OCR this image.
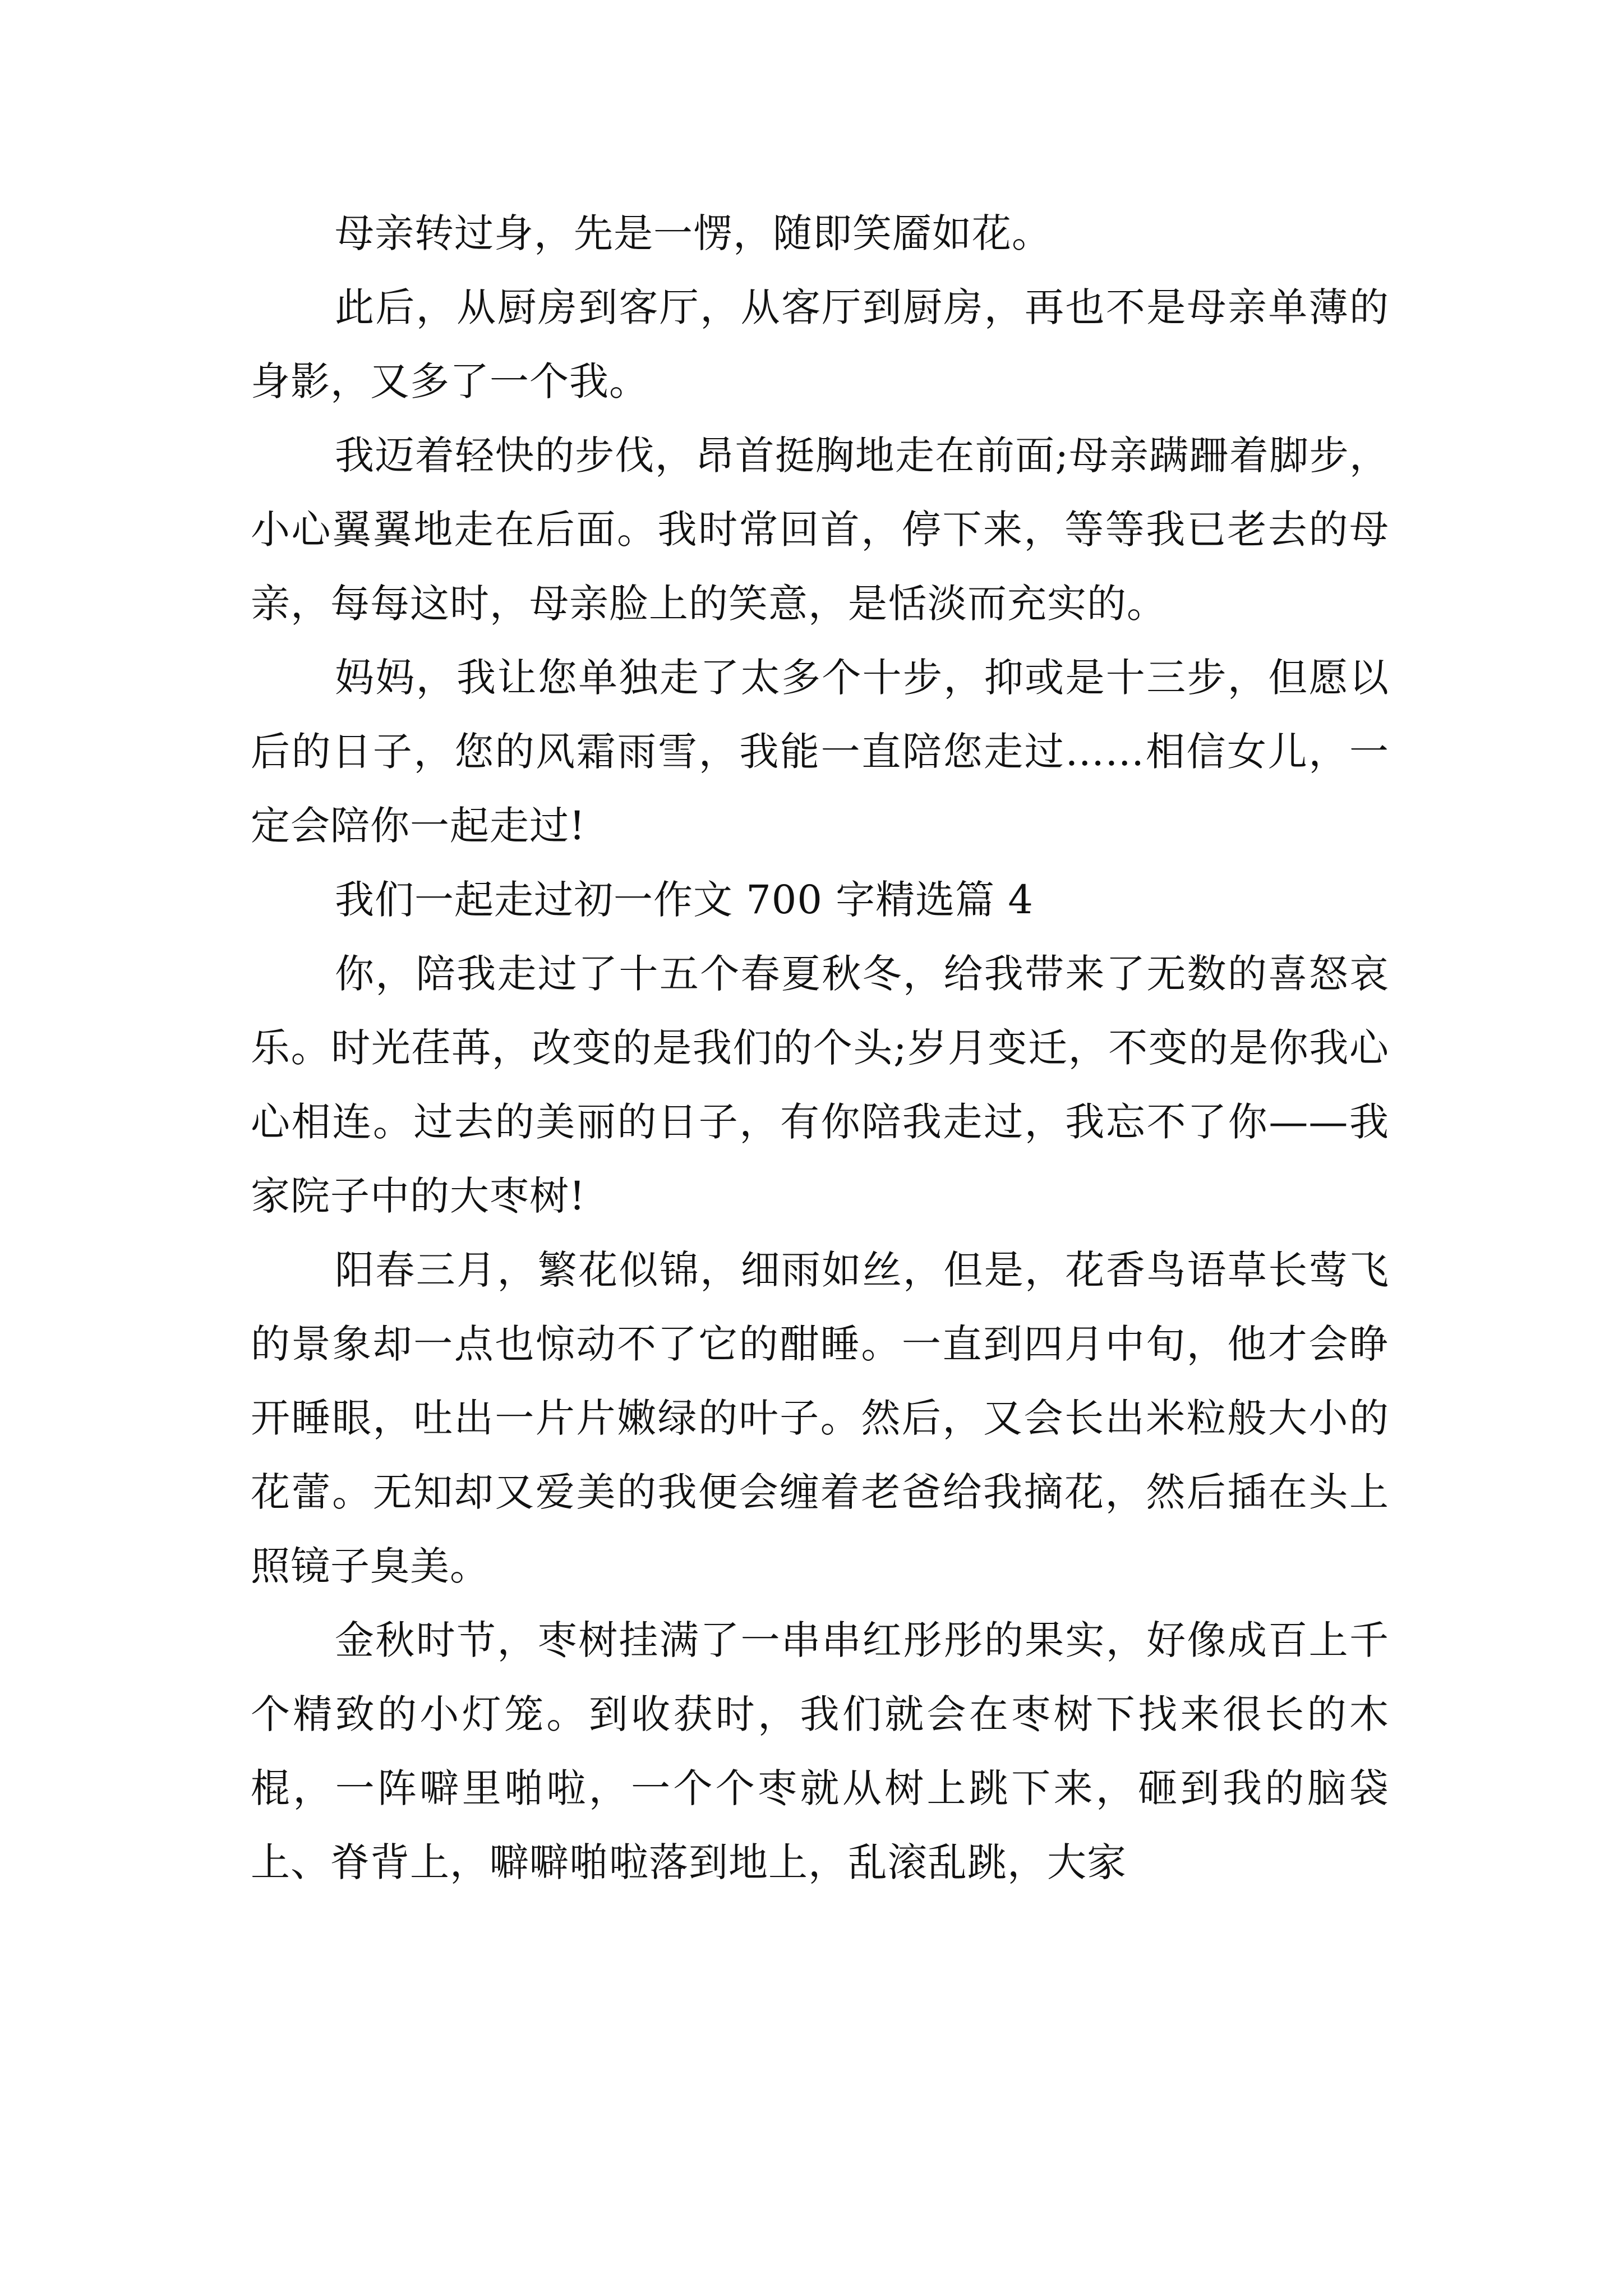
母亲转过身，先是一愣，随即笑靥如花。

此后，从厨房到客厅，从客厅到厨房，再也不是母亲单薄的身影，又多了一个我。

我迈着轻快的步伐，昂首挺胸地走在前面;母亲蹒跚着脚步，小心翼翼地走在后面。我时常回首，停下来，等等我已老去的母亲，每每这时，母亲脸上的笑意，是恬淡而充实的。

妈妈，我让您单独走了太多个十步，抑或是十三步，但愿以后的日子，您的风霜雨雪，我能一直陪您走过……相信女儿，一定会陪你一起走过!

我们一起走过初一作文 700 字精选篇 4

你，陪我走过了十五个春夏秋冬，给我带来了无数的喜怒哀乐。时光荏苒，改变的是我们的个头;岁月变迁，不变的是你我心心相连。过去的美丽的日子，有你陪我走过，我忘不了你——我家院子中的大枣树!

阳春三月，繁花似锦，细雨如丝，但是，花香鸟语草长莺飞的景象却一点也惊动不了它的酣睡。一直到四月中旬，他才会睁开睡眼，吐出一片片嫩绿的叶子。然后，又会长出米粒般大小的花蕾。无知却又爱美的我便会缠着老爸给我摘花，然后插在头上照镜子臭美。

金秋时节，枣树挂满了一串串红彤彤的果实，好像成百上千个精致的小灯笼。到收获时，我们就会在枣树下找来很长的木棍，一阵噼里啪啦，一个个枣就从树上跳下来，砸到我的脑袋上、脊背上，噼噼啪啦落到地上，乱滚乱跳，大家
